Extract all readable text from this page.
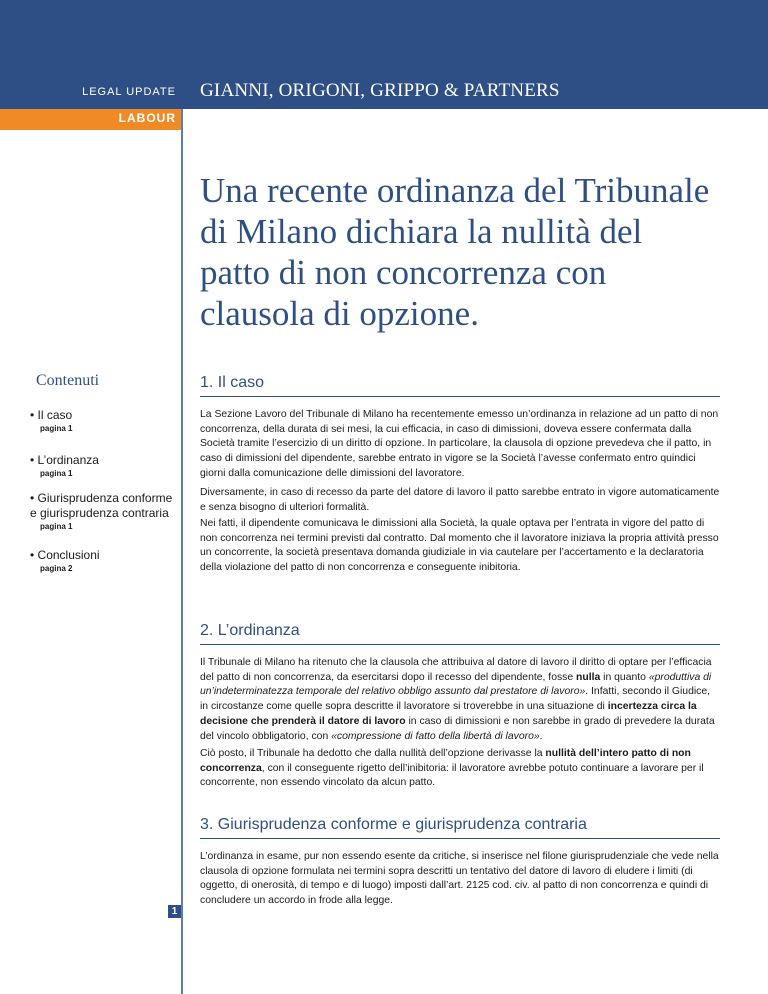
LEGAL UPDATE GIANNI, ORIGONI, GRIPPO & PARTNERS
LABOUR
Una recente ordinanza del Tribunale di Milano dichiara la nullità del patto di non concorrenza con clausola di opzione.
Contenuti
• Il caso
pagina 1
• L’ordinanza
pagina 1
• Giurisprudenza conforme e giurisprudenza contraria
pagina 1
• Conclusioni
pagina 2
1. Il caso

La Sezione Lavoro del Tribunale di Milano ha recentemente emesso un’ordinanza in relazione ad un patto di non concorrenza, della durata di sei mesi, la cui efficacia, in caso di dimissioni, doveva essere confermata dalla Società tramite l’esercizio di un diritto di opzione. In particolare, la clausola di opzione prevedeva che il patto, in caso di dimissioni del dipendente, sarebbe entrato in vigore se la Società l’avesse confermato entro quindici giorni dalla comunicazione delle dimissioni del lavoratore.

Diversamente, in caso di recesso da parte del datore di lavoro il patto sarebbe entrato in vigore automaticamente e senza bisogno di ulteriori formalità.

Nei fatti, il dipendente comunicava le dimissioni alla Società, la quale optava per l’entrata in vigore del patto di non concorrenza nei termini previsti dal contratto. Dal momento che il lavoratore iniziava la propria attività presso un concorrente, la società presentava domanda giudiziale in via cautelare per l’accertamento e la declaratoria della violazione del patto di non concorrenza e conseguente inibitoria.

2. L’ordinanza

Il Tribunale di Milano ha ritenuto che la clausola che attribuiva al datore di lavoro il diritto di optare per l’efficacia del patto di non concorrenza, da esercitarsi dopo il recesso del dipendente, fosse nulla in quanto «produttiva di un’indeterminatezza temporale del relativo obbligo assunto dal prestatore di lavoro». Infatti, secondo il Giudice, in circostanze come quelle sopra descritte il lavoratore si troverebbe in una situazione di incertezza circa la decisione che prenderà il datore di lavoro in caso di dimissioni e non sarebbe in grado di prevedere la durata del vincolo obbligatorio, con «compressione di fatto della libertà di lavoro».

Ciò posto, il Tribunale ha dedotto che dalla nullità dell’opzione derivasse la nullità dell’intero patto di non concorrenza, con il conseguente rigetto dell’inibitoria: il lavoratore avrebbe potuto continuare a lavorare per il concorrente, non essendo vincolato da alcun patto.

3. Giurisprudenza conforme e giurisprudenza contraria

L’ordinanza in esame, pur non essendo esente da critiche, si inserisce nel filone giurisprudenziale che vede nella clausola di opzione formulata nei termini sopra descritti un tentativo del datore di lavoro di eludere i limiti (di oggetto, di onerosità, di tempo e di luogo) imposti dall’art. 2125 cod. civ. al patto di non concorrenza e quindi di concludere un accordo in frode alla legge.

1
